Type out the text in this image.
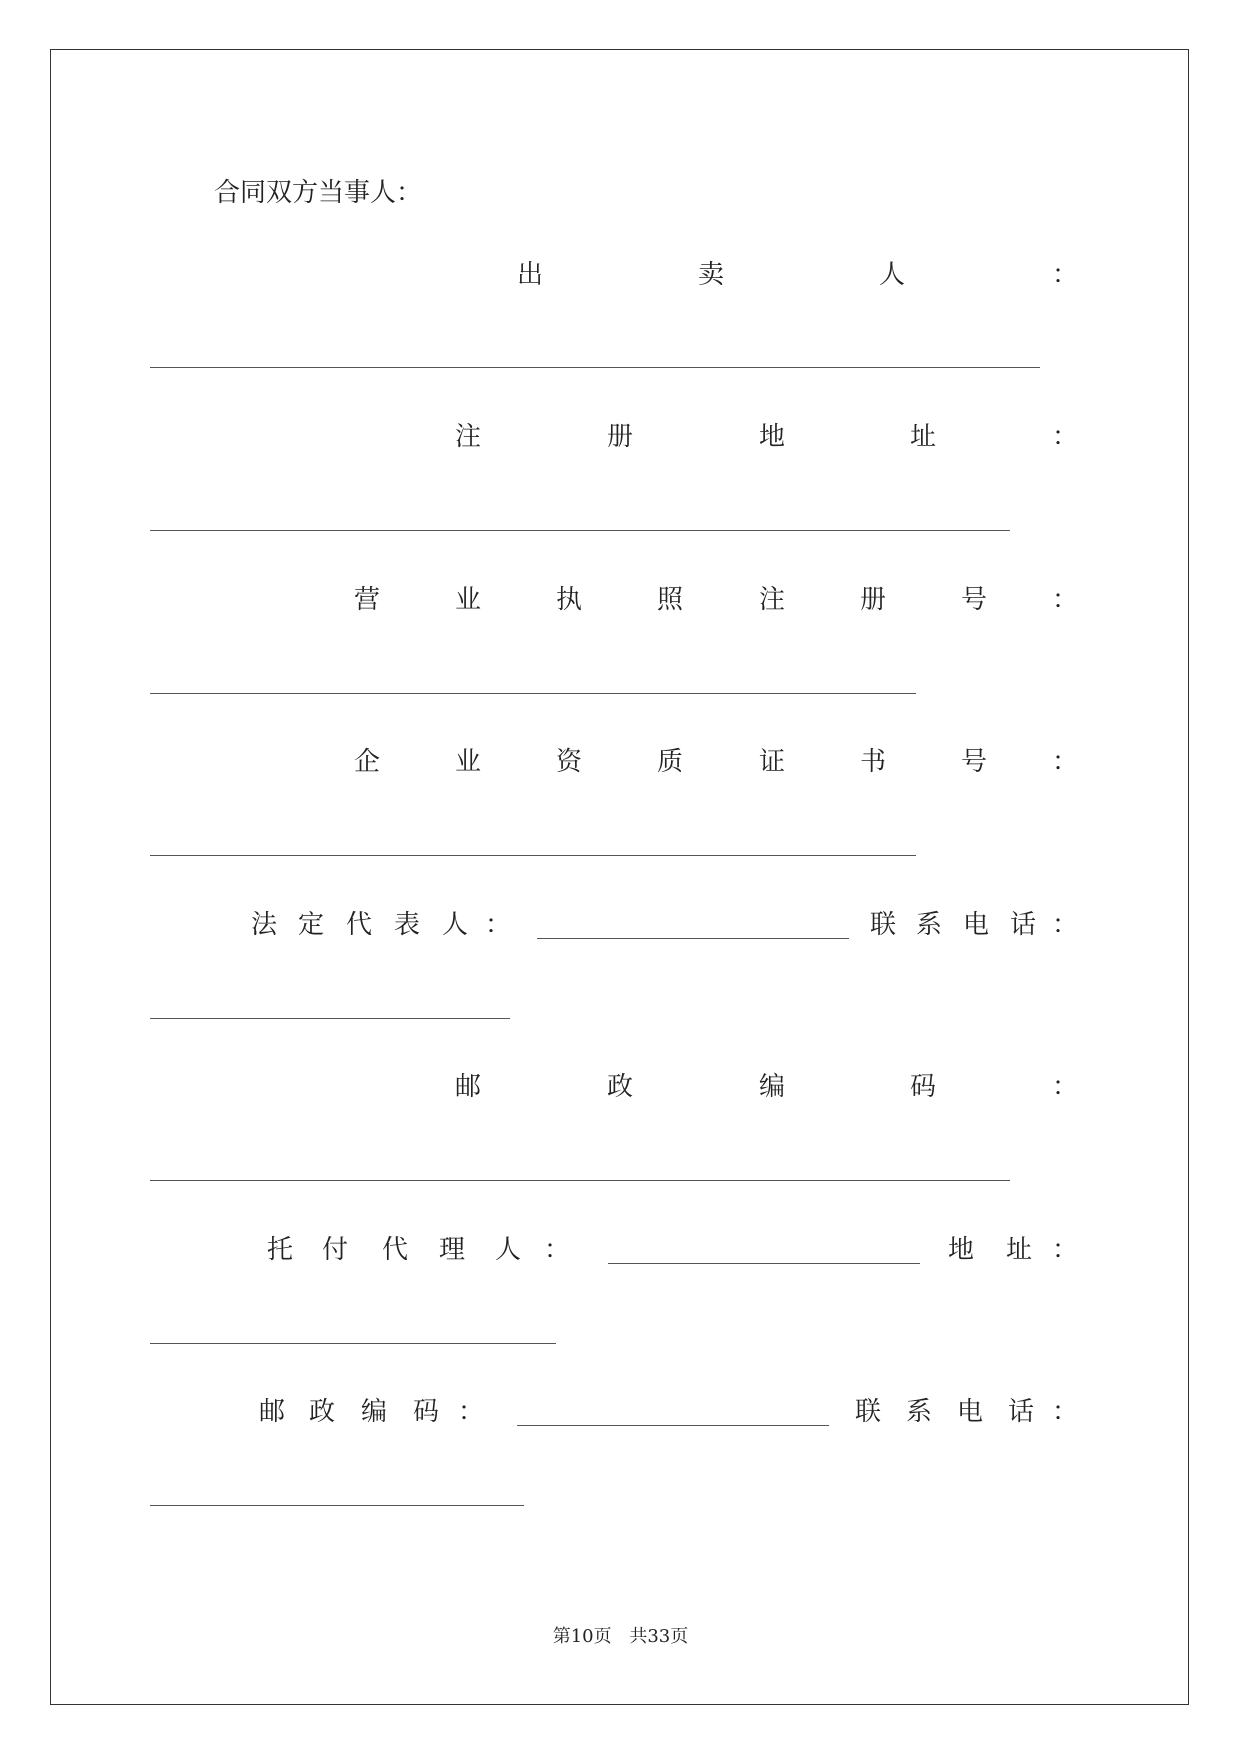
合同双方当事人：
出	卖	人	：
注	册	地	址	：
营	业	执	照	注	册	号 ：
企	业	资	质	证	书	号 ：
法 定 代 表 人 ：	联 系 电 话 ：
邮	政	编	码	：
托 付 代 理 人 ：	地 址 ：
邮 政 编 码 ：	联 系 电 话 ：
第10页 共33页
